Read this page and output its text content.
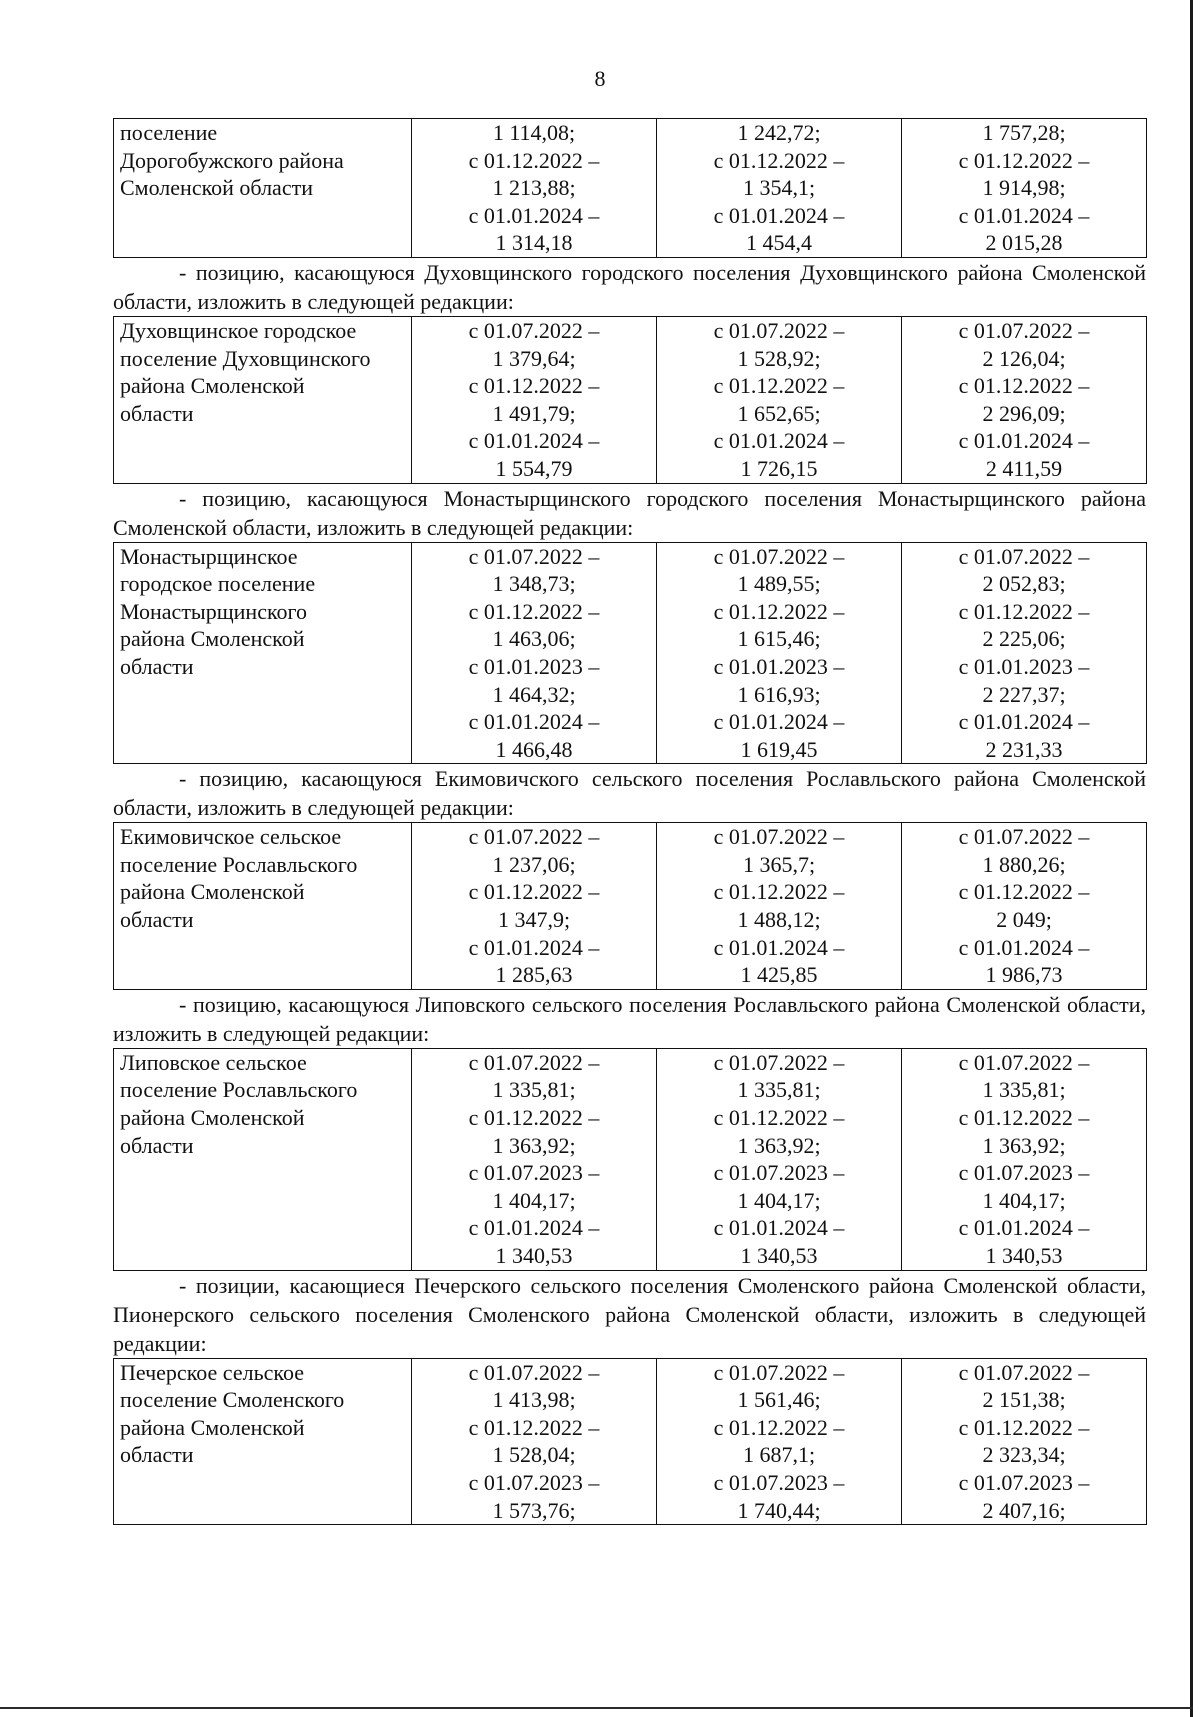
8
поселение
Дорогобужского района
Смоленской области

1 114,08;
с 01.12.2022 –
1 213,88;
с 01.01.2024 –
1 314,18

1 242,72;
с 01.12.2022 –
1 354,1;
с 01.01.2024 –
1 454,4

1 757,28;
с 01.12.2022 –
1 914,98;
с 01.01.2024 –
2 015,28

- позицию, касающуюся Духовщинского городского поселения Духовщинского района Смоленской области, изложить в следующей редакции:

Духовщинское городское
поселение Духовщинского
района Смоленской
области

с 01.07.2022 –
1 379,64;
с 01.12.2022 –
1 491,79;
с 01.01.2024 –
1 554,79

с 01.07.2022 –
1 528,92;
с 01.12.2022 –
1 652,65;
с 01.01.2024 –
1 726,15

с 01.07.2022 –
2 126,04;
с 01.12.2022 –
2 296,09;
с 01.01.2024 –
2 411,59

- позицию, касающуюся Монастырщинского городского поселения Монастырщинского района Смоленской области, изложить в следующей редакции:

Монастырщинское
городское поселение
Монастырщинского
района Смоленской
области

с 01.07.2022 –
1 348,73;
с 01.12.2022 –
1 463,06;
с 01.01.2023 –
1 464,32;
с 01.01.2024 –
1 466,48

с 01.07.2022 –
1 489,55;
с 01.12.2022 –
1 615,46;
с 01.01.2023 –
1 616,93;
с 01.01.2024 –
1 619,45

с 01.07.2022 –
2 052,83;
с 01.12.2022 –
2 225,06;
с 01.01.2023 –
2 227,37;
с 01.01.2024 –
2 231,33

- позицию, касающуюся Екимовичского сельского поселения Рославльского района Смоленской области, изложить в следующей редакции:

Екимовичское сельское
поселение Рославльского
района Смоленской
области

с 01.07.2022 –
1 237,06;
с 01.12.2022 –
1 347,9;
с 01.01.2024 –
1 285,63

с 01.07.2022 –
1 365,7;
с 01.12.2022 –
1 488,12;
с 01.01.2024 –
1 425,85

с 01.07.2022 –
1 880,26;
с 01.12.2022 –
2 049;
с 01.01.2024 –
1 986,73

- позицию, касающуюся Липовского сельского поселения Рославльского района Смоленской области, изложить в следующей редакции:

Липовское сельское
поселение Рославльского
района Смоленской
области

с 01.07.2022 –
1 335,81;
с 01.12.2022 –
1 363,92;
с 01.07.2023 –
1 404,17;
с 01.01.2024 –
1 340,53

с 01.07.2022 –
1 335,81;
с 01.12.2022 –
1 363,92;
с 01.07.2023 –
1 404,17;
с 01.01.2024 –
1 340,53

с 01.07.2022 –
1 335,81;
с 01.12.2022 –
1 363,92;
с 01.07.2023 –
1 404,17;
с 01.01.2024 –
1 340,53

- позиции, касающиеся Печерского сельского поселения Смоленского района Смоленской области, Пионерского сельского поселения Смоленского района Смоленской области, изложить в следующей редакции:

Печерское сельское
поселение Смоленского
района Смоленской
области

с 01.07.2022 –
1 413,98;
с 01.12.2022 –
1 528,04;
с 01.07.2023 –
1 573,76;

с 01.07.2022 –
1 561,46;
с 01.12.2022 –
1 687,1;
с 01.07.2023 –
1 740,44;

с 01.07.2022 –
2 151,38;
с 01.12.2022 –
2 323,34;
с 01.07.2023 –
2 407,16;
